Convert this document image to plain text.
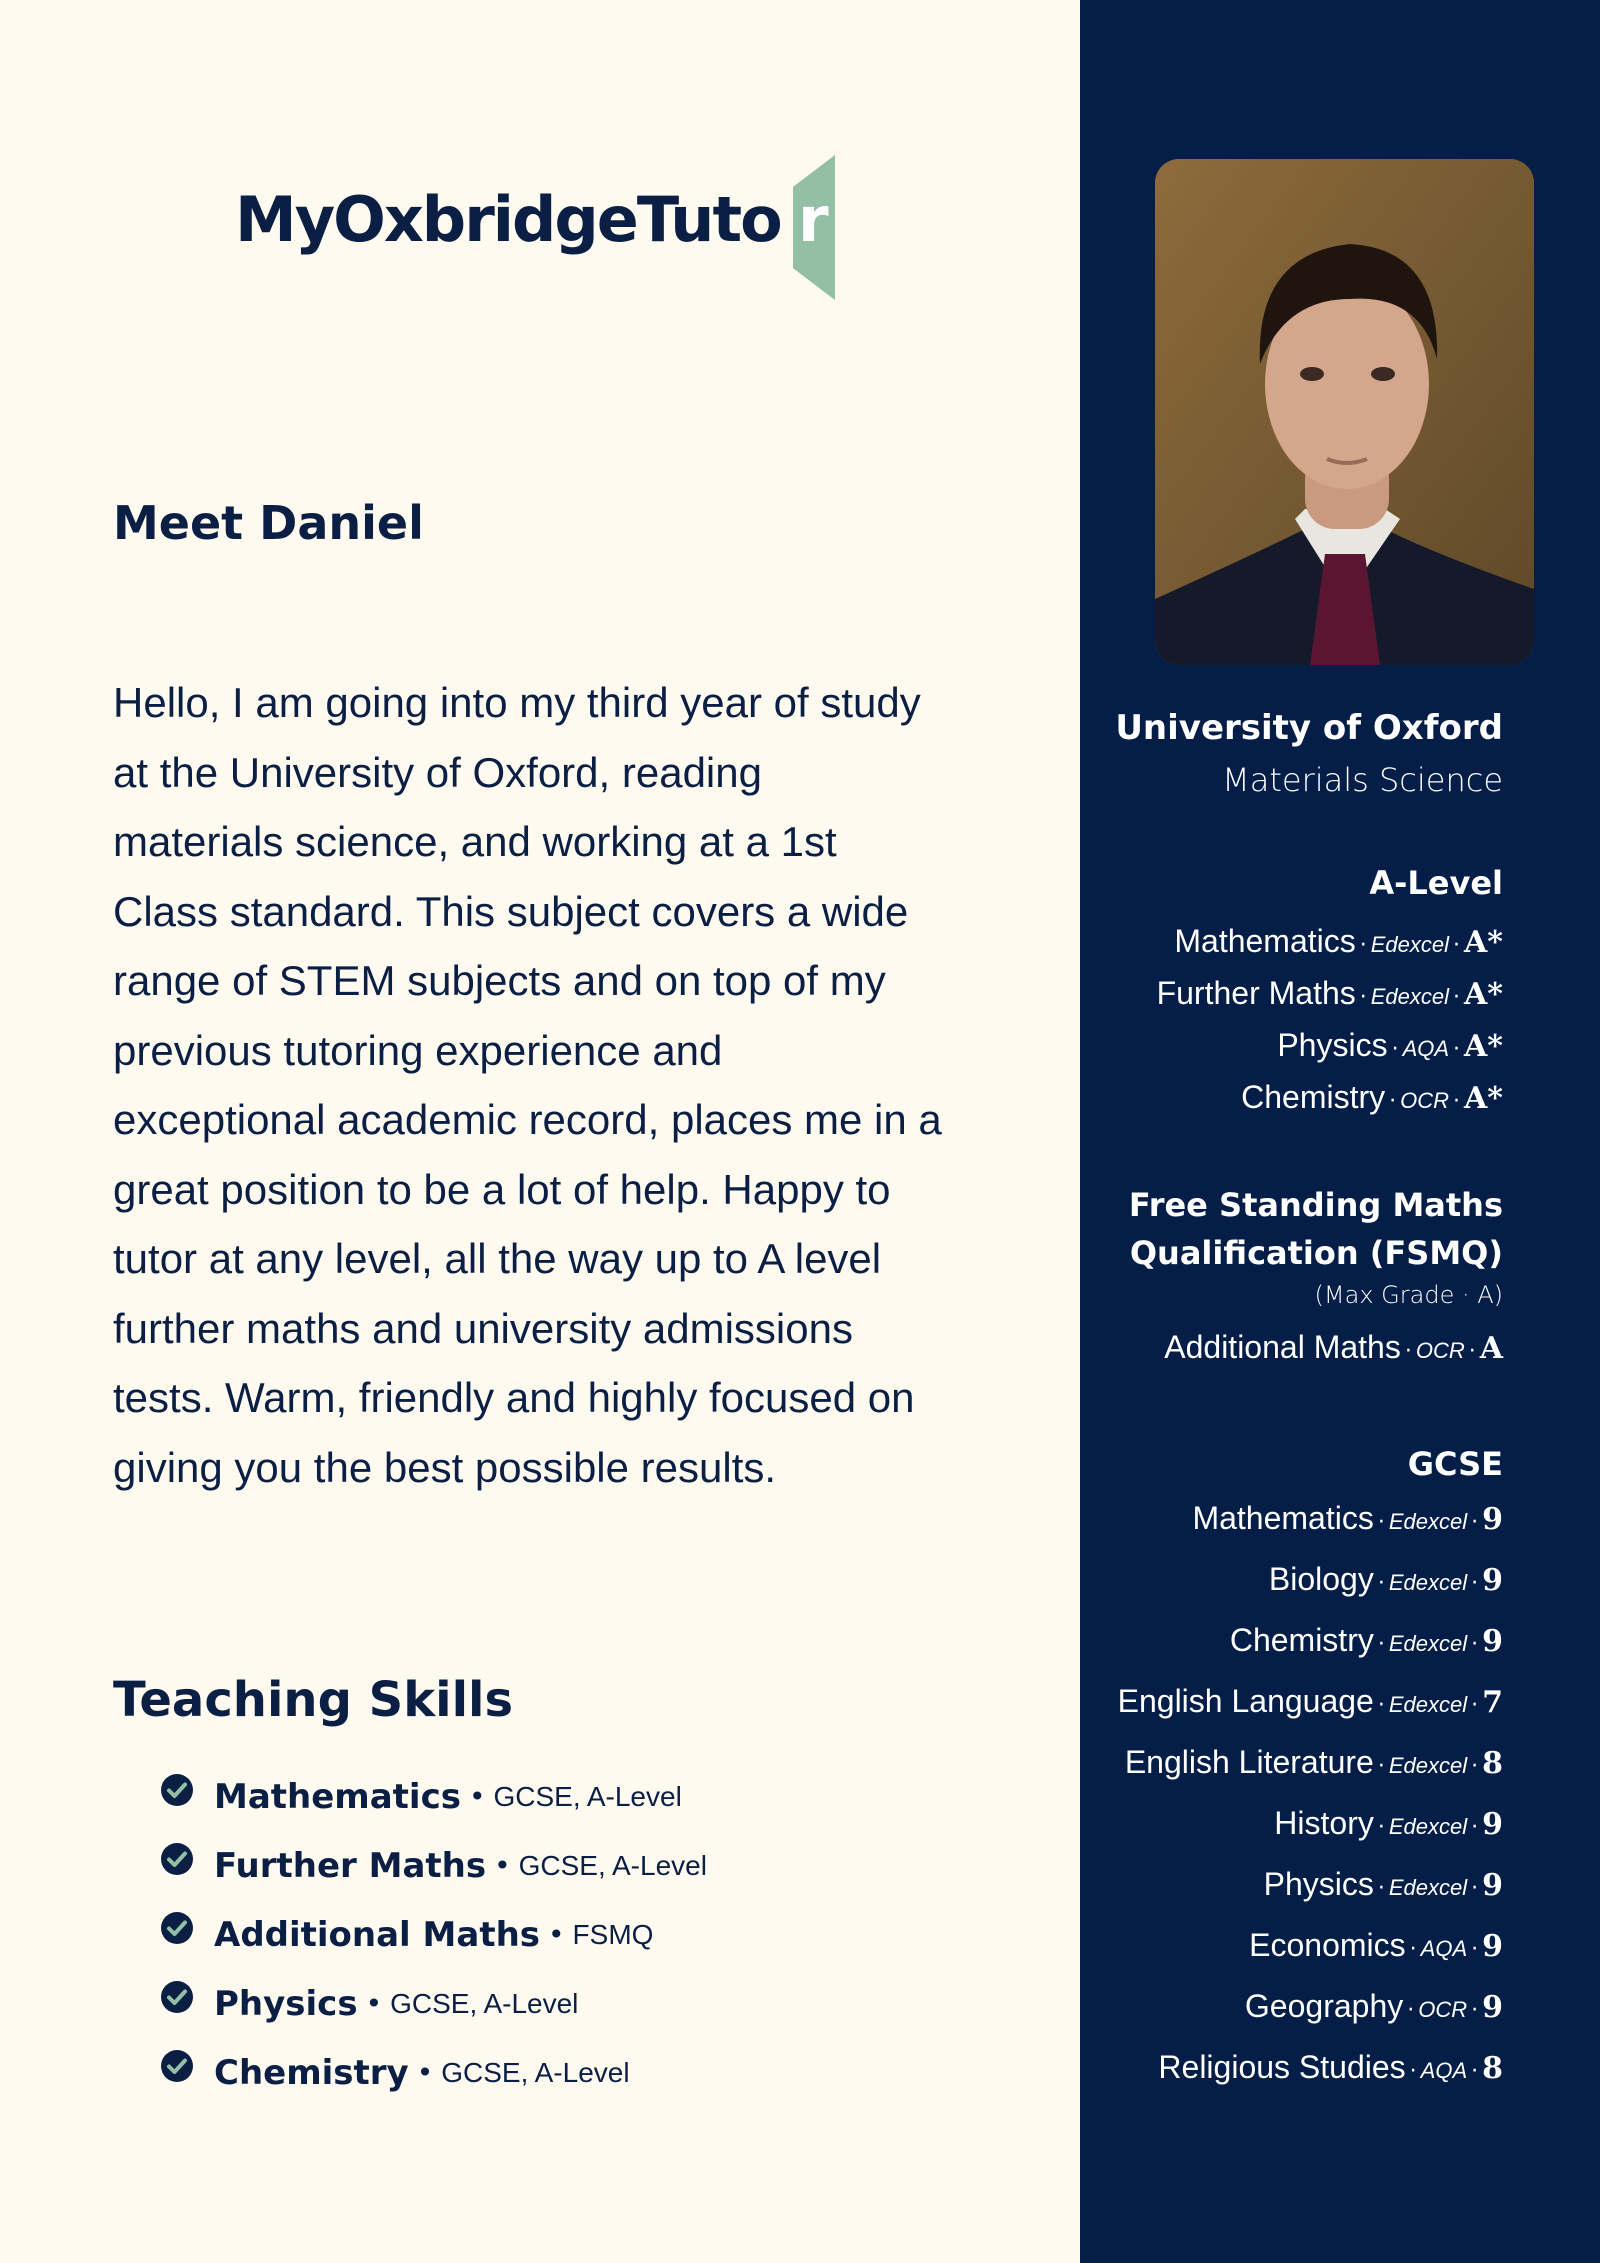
MyOxbridgeTuto r
Meet Daniel

Hello, I am going into my third year of study at the University of Oxford, reading materials science, and working at a 1st Class standard. This subject covers a wide range of STEM subjects and on top of my previous tutoring experience and exceptional academic record, places me in a great position to be a lot of help. Happy to tutor at any level, all the way up to A level further maths and university admissions tests. Warm, friendly and highly focused on giving you the best possible results.

Teaching Skills
Mathematics • GCSE, A-Level
Further Maths • GCSE, A-Level
Additional Maths • FSMQ
Physics • GCSE, A-Level
Chemistry • GCSE, A-Level
University of Oxford
Materials Science
A-Level
Mathematics · Edexcel · A*
Further Maths · Edexcel · A*
Physics · AQA · A*
Chemistry · OCR · A*
Free Standing Maths
Qualification (FSMQ)
(Max Grade · A)
Additional Maths · OCR · A
GCSE
Mathematics · Edexcel · 9
Biology · Edexcel · 9
Chemistry · Edexcel · 9
English Language · Edexcel · 7
English Literature · Edexcel · 8
History · Edexcel · 9
Physics · Edexcel · 9
Economics · AQA · 9
Geography · OCR · 9
Religious Studies · AQA · 8
